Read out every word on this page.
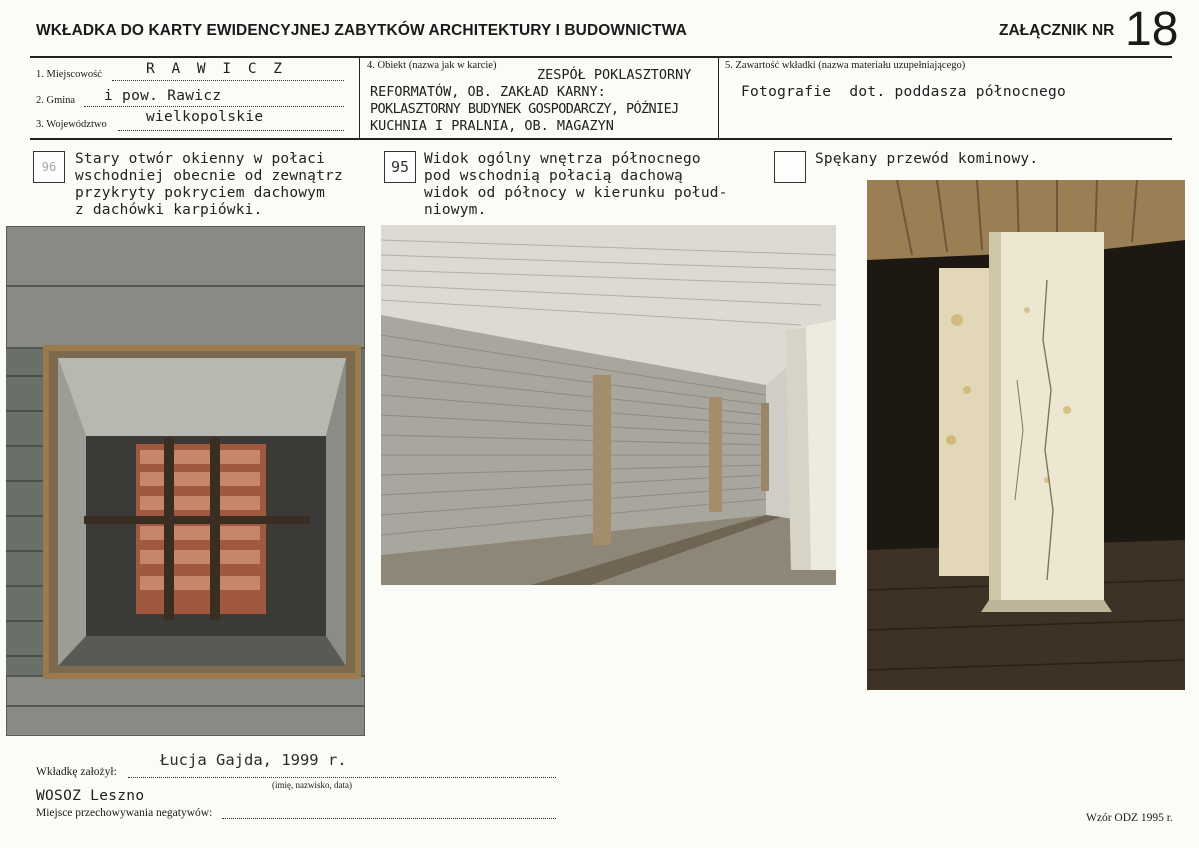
WKŁADKA DO KARTY EWIDENCYJNEJ ZABYTKÓW ARCHITEKTURY I BUDOWNICTWA	ZAŁĄCZNIK NR 18
1. Miejscowość	R A W I C Z
2. Gmina i pow. Rawicz
3. Województwo	wielkopolskie
4. Obiekt (nazwa jak w karcie)
ZESPÓŁ POKLASZTORNY
REFORMATÓW, OB. ZAKŁAD KARNY:
POKLASZTORNY BUDYNEK GOSPODARCZY, PÓŹNIEJ
KUCHNIA I PRALNIA, OB. MAGAZYN
5. Zawartość wkładki (nazwa materiału uzupełniającego)
Fotografie  dot. poddasza północnego
96	Stary otwór okienny w połaci
wschodniej obecnie od zewnątrz
przykryty pokryciem dachowym
z dachówki karpiówki.
95	Widok ogólny wnętrza północnego
pod wschodnią połacią dachową
widok od północy w kierunku połud-
niowym.
Spękany przewód kominowy.
Łucja Gajda, 1999 r.
Wkładkę założył:
(imię, nazwisko, data)
WOSOZ Leszno
Miejsce przechowywania negatywów:	Wzór ODZ 1995 r.
